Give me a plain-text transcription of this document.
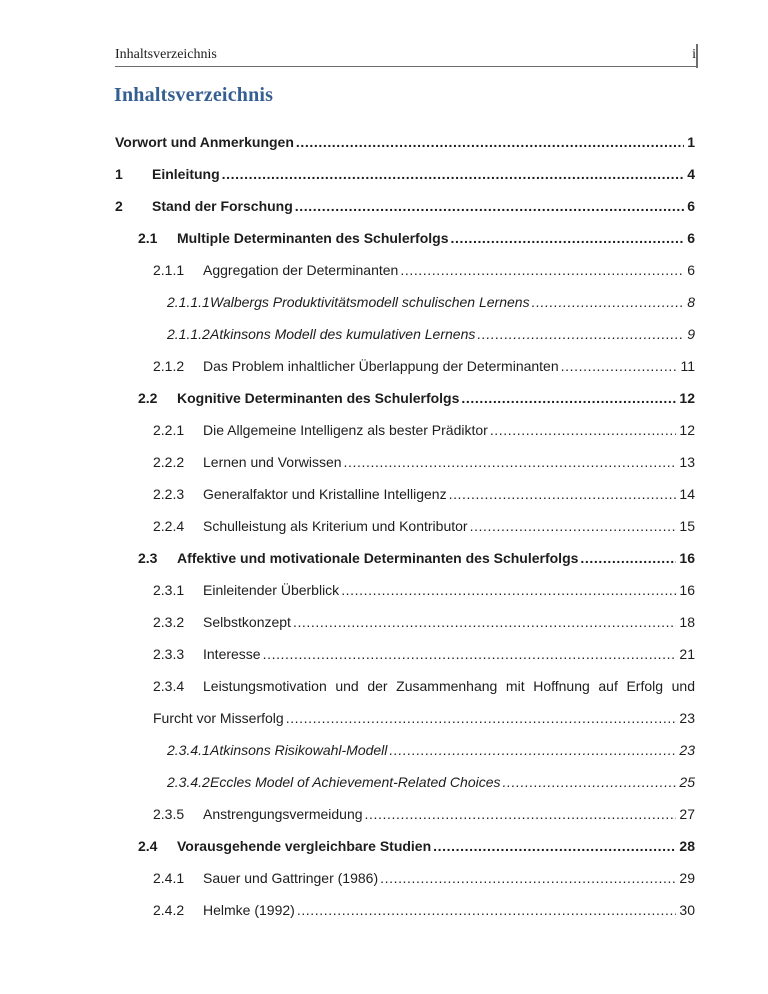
Inhaltsverzeichnis	i
Inhaltsverzeichnis
Vorwort und Anmerkungen .....	1
1	Einleitung .....	4
2	Stand der Forschung .....	6
2.1	Multiple Determinanten des Schulerfolgs .....	6
2.1.1	Aggregation der Determinanten .....	6
2.1.1.1 Walbergs Produktivitätsmodell schulischen Lernens .....	8
2.1.1.2 Atkinsons Modell des kumulativen Lernens .....	9
2.1.2	Das Problem inhaltlicher Überlappung der Determinanten .....	11
2.2	Kognitive Determinanten des Schulerfolgs .....	12
2.2.1	Die Allgemeine Intelligenz als bester Prädiktor .....	12
2.2.2	Lernen und Vorwissen .....	13
2.2.3	Generalfaktor und Kristalline Intelligenz .....	14
2.2.4	Schulleistung als Kriterium und Kontributor .....	15
2.3	Affektive und motivationale Determinanten des Schulerfolgs .....	16
2.3.1	Einleitender Überblick .....	16
2.3.2	Selbstkonzept .....	18
2.3.3	Interesse .....	21
2.3.4	Leistungsmotivation und der Zusammenhang mit Hoffnung auf Erfolg und
Furcht vor Misserfolg .....	23
2.3.4.1 Atkinsons Risikowahl-Modell .....	23
2.3.4.2 Eccles Model of Achievement-Related Choices .....	25
2.3.5	Anstrengungsvermeidung .....	27
2.4	Vorausgehende vergleichbare Studien .....	28
2.4.1	Sauer und Gattringer (1986) .....	29
2.4.2	Helmke (1992) .....	30
